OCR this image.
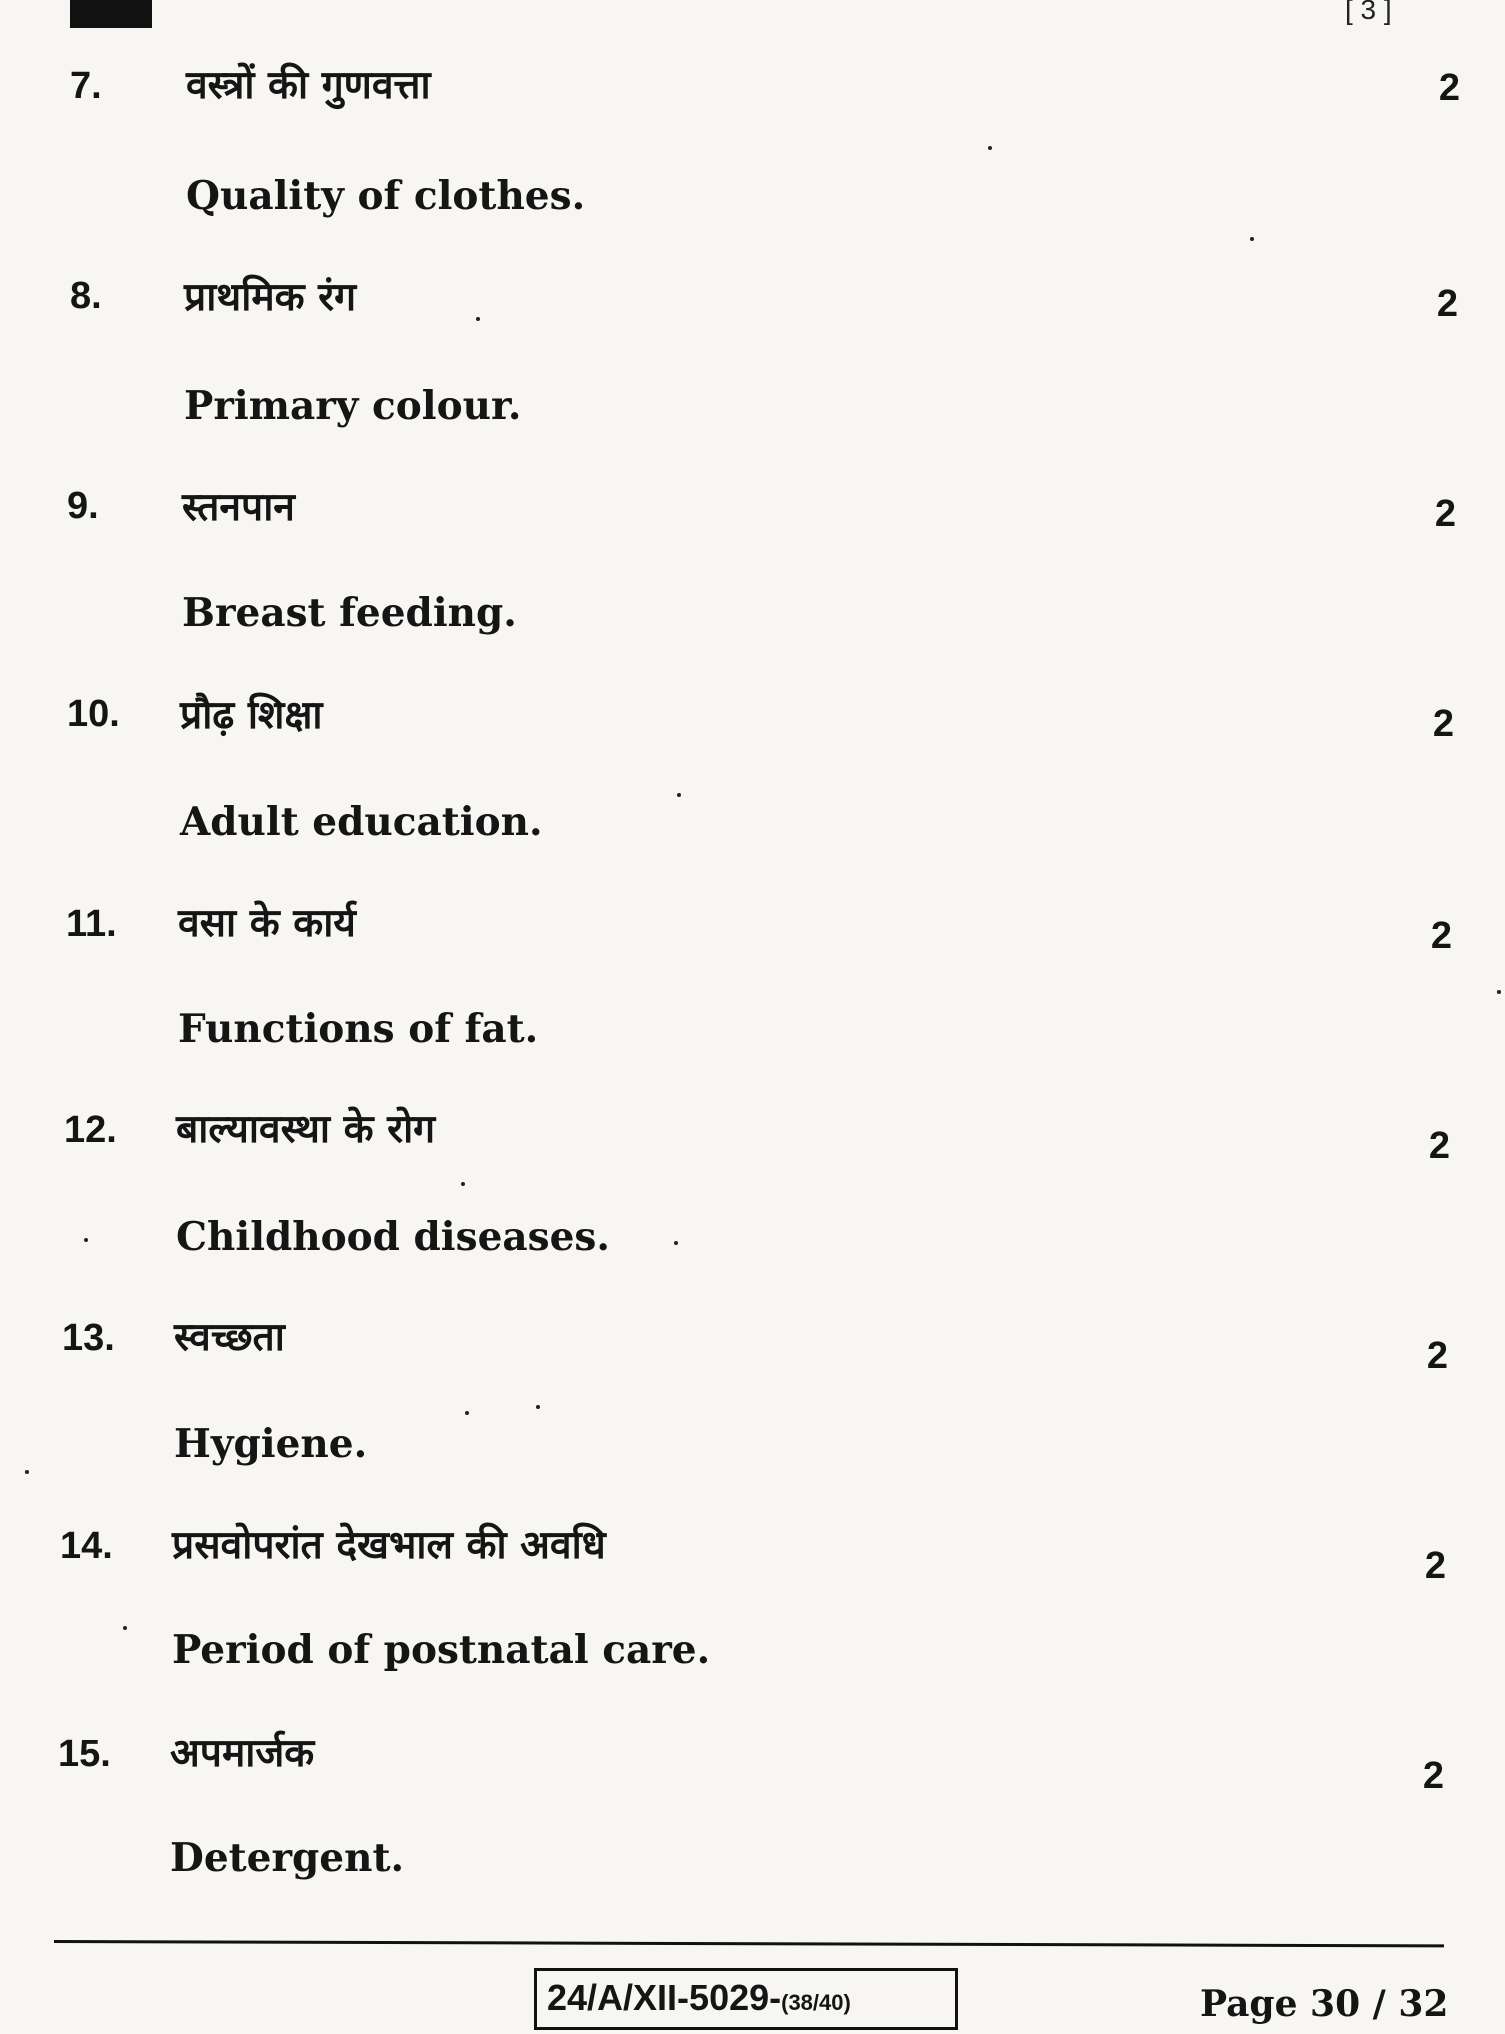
[ 3 ]
7.	वस्त्रों की गुणवत्ता
Quality of clothes.
2
8.	प्राथमिक रंग
Primary colour.
2
9.	स्तनपान
Breast feeding.
2
10.	प्रौढ़ शिक्षा
Adult education.
2
11.	वसा के कार्य
Functions of fat.
2
12.	बाल्यावस्था के रोग
Childhood diseases.
2
13.	स्वच्छता
Hygiene.
2
14.	प्रसवोपरांत देखभाल की अवधि
Period of postnatal care.
2
15.	अपमार्जक
Detergent.
2
24/A/XII-5029-(38/40)	Page 30 / 32
